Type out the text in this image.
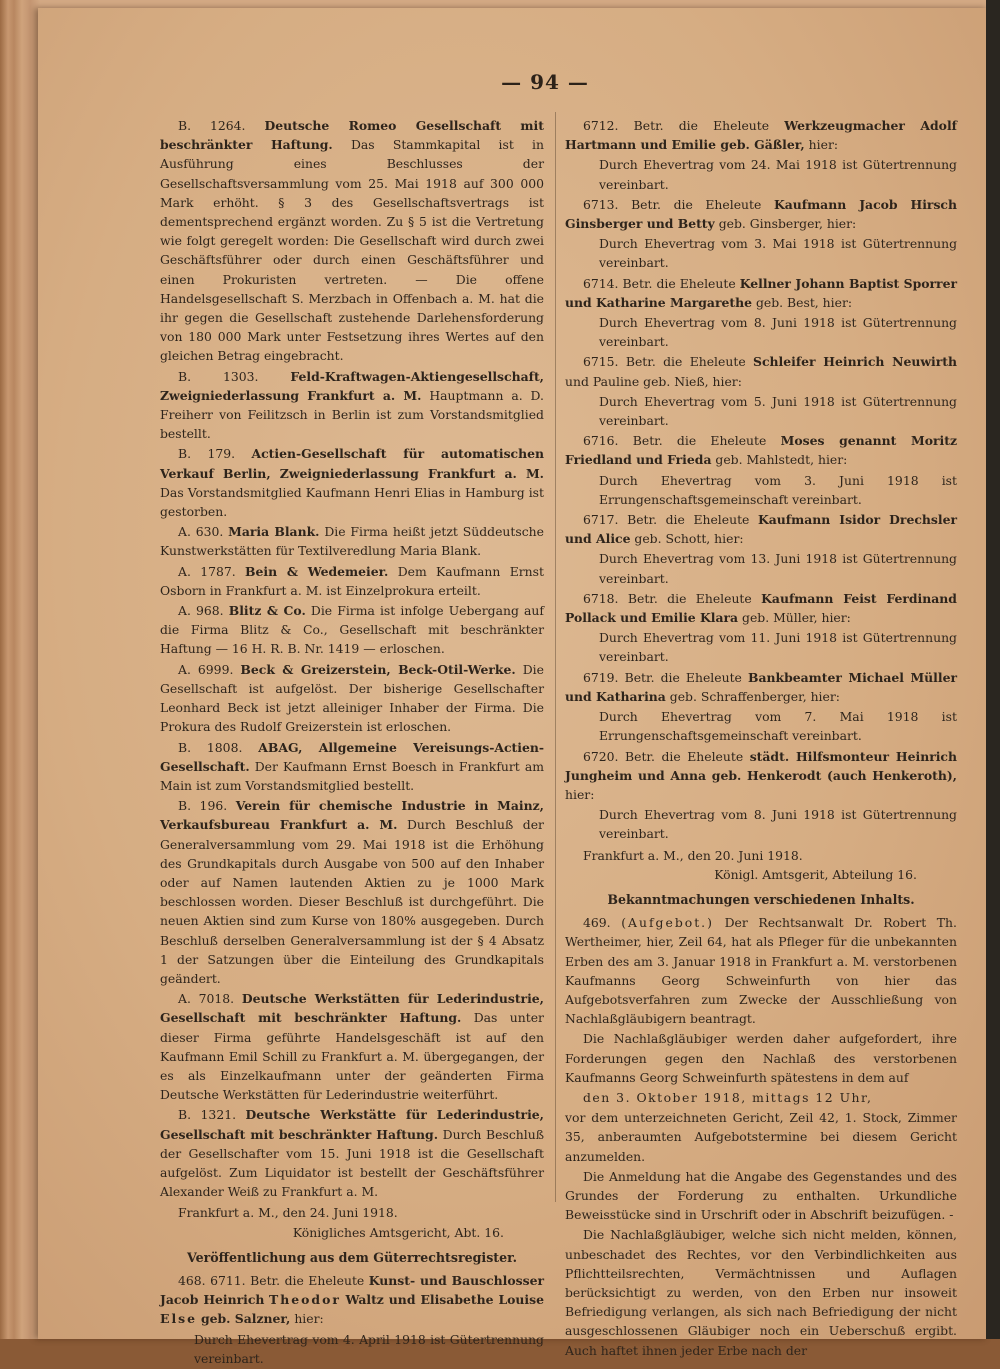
— 94 —

B. 1264. Deutsche Romeo Gesellschaft mit beschränkter Haftung. Das Stammkapital ist in Ausführung eines Beschlusses der Gesellschaftsversammlung vom 25. Mai 1918 auf 300 000 Mark erhöht. § 3 des Gesellschaftsvertrags ist dementsprechend ergänzt worden. Zu § 5 ist die Vertretung wie folgt geregelt worden: Die Gesellschaft wird durch zwei Geschäftsführer oder durch einen Geschäftsführer und einen Prokuristen vertreten. — Die offene Handelsgesellschaft S. Merzbach in Offenbach a. M. hat die ihr gegen die Gesellschaft zustehende Darlehensforderung von 180 000 Mark unter Festsetzung ihres Wertes auf den gleichen Betrag eingebracht.

B. 1303.	Feld-Kraftwagen-Aktiengesellschaft, Zweigniederlassung Frankfurt a. M. Hauptmann a. D. Freiherr von Feilitzsch in Berlin ist zum Vorstandsmitglied bestellt.

B. 179. Actien-Gesellschaft für automatischen Verkauf Berlin, Zweigniederlassung Frankfurt a. M. Das Vorstandsmitglied Kaufmann Henri Elias in Hamburg ist gestorben.

A. 630. Maria Blank. Die Firma heißt jetzt Süddeutsche Kunstwerkstätten für Textilveredlung Maria Blank.

A. 1787. Bein & Wedemeier. Dem Kaufmann Ernst Osborn in Frankfurt a. M. ist Einzelprokura erteilt.

A. 968. Blitz & Co. Die Firma ist infolge Uebergang auf die Firma Blitz & Co., Gesellschaft mit beschränkter Haftung — 16 H. R. B. Nr. 1419 — erloschen.

A. 6999. Beck & Greizerstein, Beck-Otil-Werke. Die Gesellschaft ist aufgelöst. Der bisherige Gesellschafter Leonhard Beck ist jetzt alleiniger Inhaber der Firma. Die Prokura des Rudolf Greizerstein ist erloschen.

B. 1808. ABAG, Allgemeine Vereisungs-Actien-Gesellschaft. Der Kaufmann Ernst Boesch in Frankfurt am Main ist zum Vorstandsmitglied bestellt.

B. 196. Verein für chemische Industrie in Mainz, Verkaufsbureau Frankfurt a. M. Durch Beschluß der Generalversammlung vom 29. Mai 1918 ist die Erhöhung des Grundkapitals durch Ausgabe von 500 auf den Inhaber oder auf Namen lautenden Aktien zu je 1000 Mark beschlossen worden. Dieser Beschluß ist durchgeführt. Die neuen Aktien sind zum Kurse von 180% ausgegeben. Durch Beschluß derselben Generalversammlung ist der § 4 Absatz 1 der Satzungen über die Einteilung des Grundkapitals geändert.

A. 7018. Deutsche Werkstätten für Lederindustrie, Gesellschaft mit beschränkter Haftung. Das unter dieser Firma geführte Handelsgeschäft ist auf den Kaufmann Emil Schill zu Frankfurt a. M. übergegangen, der es als Einzelkaufmann unter der geänderten Firma Deutsche Werkstätten für Lederindustrie weiterführt.

B. 1321. Deutsche Werkstätte für Lederindustrie, Gesellschaft mit beschränkter Haftung. Durch Beschluß der Gesellschafter vom 15. Juni 1918 ist die Gesellschaft aufgelöst. Zum Liquidator ist bestellt der Geschäftsführer Alexander Weiß zu Frankfurt a. M.

Frankfurt a. M., den 24. Juni 1918.

Königliches Amtsgericht, Abt. 16.

Veröffentlichung aus dem Güterrechtsregister.

468. 6711. Betr. die Eheleute Kunst- und Bauschlosser Jacob Heinrich Theodor Waltz und Elisabethe Louise Else geb. Salzner, hier:

Durch Ehevertrag vom 4. April 1918 ist Gütertrennung vereinbart.

6712. Betr. die Eheleute Werkzeugmacher Adolf Hartmann und Emilie geb. Gäßler, hier:

Durch Ehevertrag vom 24. Mai 1918 ist Gütertrennung vereinbart.

6713. Betr. die Eheleute Kaufmann Jacob Hirsch Ginsberger und Betty geb. Ginsberger, hier:

Durch Ehevertrag vom 3. Mai 1918 ist Gütertrennung vereinbart.

6714. Betr. die Eheleute Kellner Johann Baptist Sporrer und Katharine Margarethe geb. Best, hier:

Durch Ehevertrag vom 8. Juni 1918 ist Gütertrennung vereinbart.

6715. Betr. die Eheleute Schleifer Heinrich Neuwirth und Pauline geb. Nieß, hier:

Durch Ehevertrag vom 5. Juni 1918 ist Gütertrennung vereinbart.

6716. Betr. die Eheleute Moses genannt Moritz Friedland und Frieda geb. Mahlstedt, hier:

Durch Ehevertrag vom 3. Juni 1918 ist Errungenschaftsgemeinschaft vereinbart.

6717. Betr. die Eheleute Kaufmann Isidor Drechsler und Alice geb. Schott, hier:

Durch Ehevertrag vom 13. Juni 1918 ist Gütertrennung vereinbart.

6718. Betr. die Eheleute Kaufmann Feist Ferdinand Pollack und Emilie Klara geb. Müller, hier:

Durch Ehevertrag vom 11. Juni 1918 ist Gütertrennung vereinbart.

6719. Betr. die Eheleute Bankbeamter Michael Müller und Katharina geb. Schraffenberger, hier:

Durch Ehevertrag vom 7. Mai 1918 ist Errungenschaftsgemeinschaft vereinbart.

6720. Betr. die Eheleute städt. Hilfsmonteur Heinrich Jungheim und Anna geb. Henkerodt (auch Henkeroth), hier:

Durch Ehevertrag vom 8. Juni 1918 ist Gütertrennung vereinbart.

Frankfurt a. M., den 20. Juni 1918.

Königl. Amtsgerit, Abteilung 16.

Bekanntmachungen verschiedenen Inhalts.

469. (Aufgebot.) Der Rechtsanwalt Dr. Robert Th. Wertheimer, hier, Zeil 64, hat als Pfleger für die unbekannten Erben des am 3. Januar 1918 in Frankfurt a. M. verstorbenen Kaufmanns Georg Schweinfurth von hier das Aufgebotsverfahren zum Zwecke der Ausschließung von Nachlaßgläubigern beantragt.

Die Nachlaßgläubiger werden daher aufgefordert, ihre Forderungen gegen den Nachlaß des verstorbenen Kaufmanns Georg Schweinfurth spätestens in dem auf

den 3. Oktober 1918, mittags 12 Uhr,

vor dem unterzeichneten Gericht, Zeil 42, 1. Stock, Zimmer 35, anberaumten Aufgebotstermine bei diesem Gericht anzumelden.

Die Anmeldung hat die Angabe des Gegenstandes und des Grundes der Forderung zu enthalten. Urkundliche Beweisstücke sind in Urschrift oder in Abschrift beizufügen. -

Die Nachlaßgläubiger, welche sich nicht melden, können, unbeschadet des Rechtes, vor den Verbindlichkeiten aus Pflichtteilsrechten, Vermächtnissen und Auflagen berücksichtigt zu werden, von den Erben nur insoweit Befriedigung verlangen, als sich nach Befriedigung der nicht ausgeschlossenen Gläubiger noch ein Ueberschuß ergibt. Auch haftet ihnen jeder Erbe nach der
